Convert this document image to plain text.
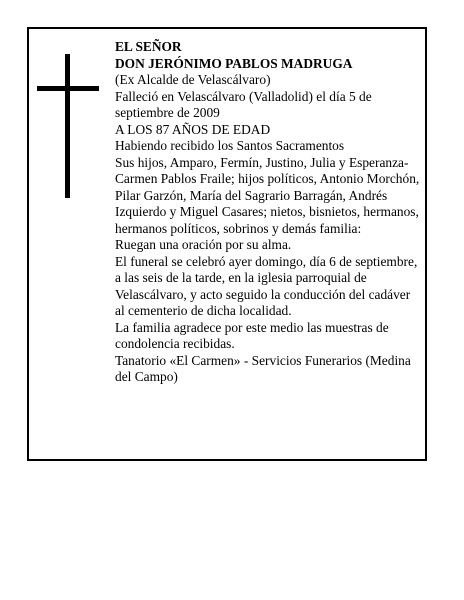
EL SEÑOR

DON JERÓNIMO PABLOS MADRUGA

(Ex Alcalde de Velascálvaro)

Falleció en Velascálvaro (Valladolid) el día 5 de septiembre de 2009

A LOS 87 AÑOS DE EDAD

Habiendo recibido los Santos Sacramentos

Sus hijos, Amparo, Fermín, Justino, Julia y Esperanza-Carmen Pablos Fraile; hijos políticos, Antonio Morchón, Pilar Garzón, María del Sagrario Barragán, Andrés Izquierdo y Miguel Casares; nietos, bisnietos, hermanos, hermanos políticos, sobrinos y demás familia:

Ruegan una oración por su alma.

El funeral se celebró ayer domingo, día 6 de septiembre, a las seis de la tarde, en la iglesia parroquial de Velascálvaro, y acto seguido la conducción del cadáver al cementerio de dicha localidad.

La familia agradece por este medio las muestras de condolencia recibidas.

Tanatorio «El Carmen» - Servicios Funerarios (Medina del Campo)
